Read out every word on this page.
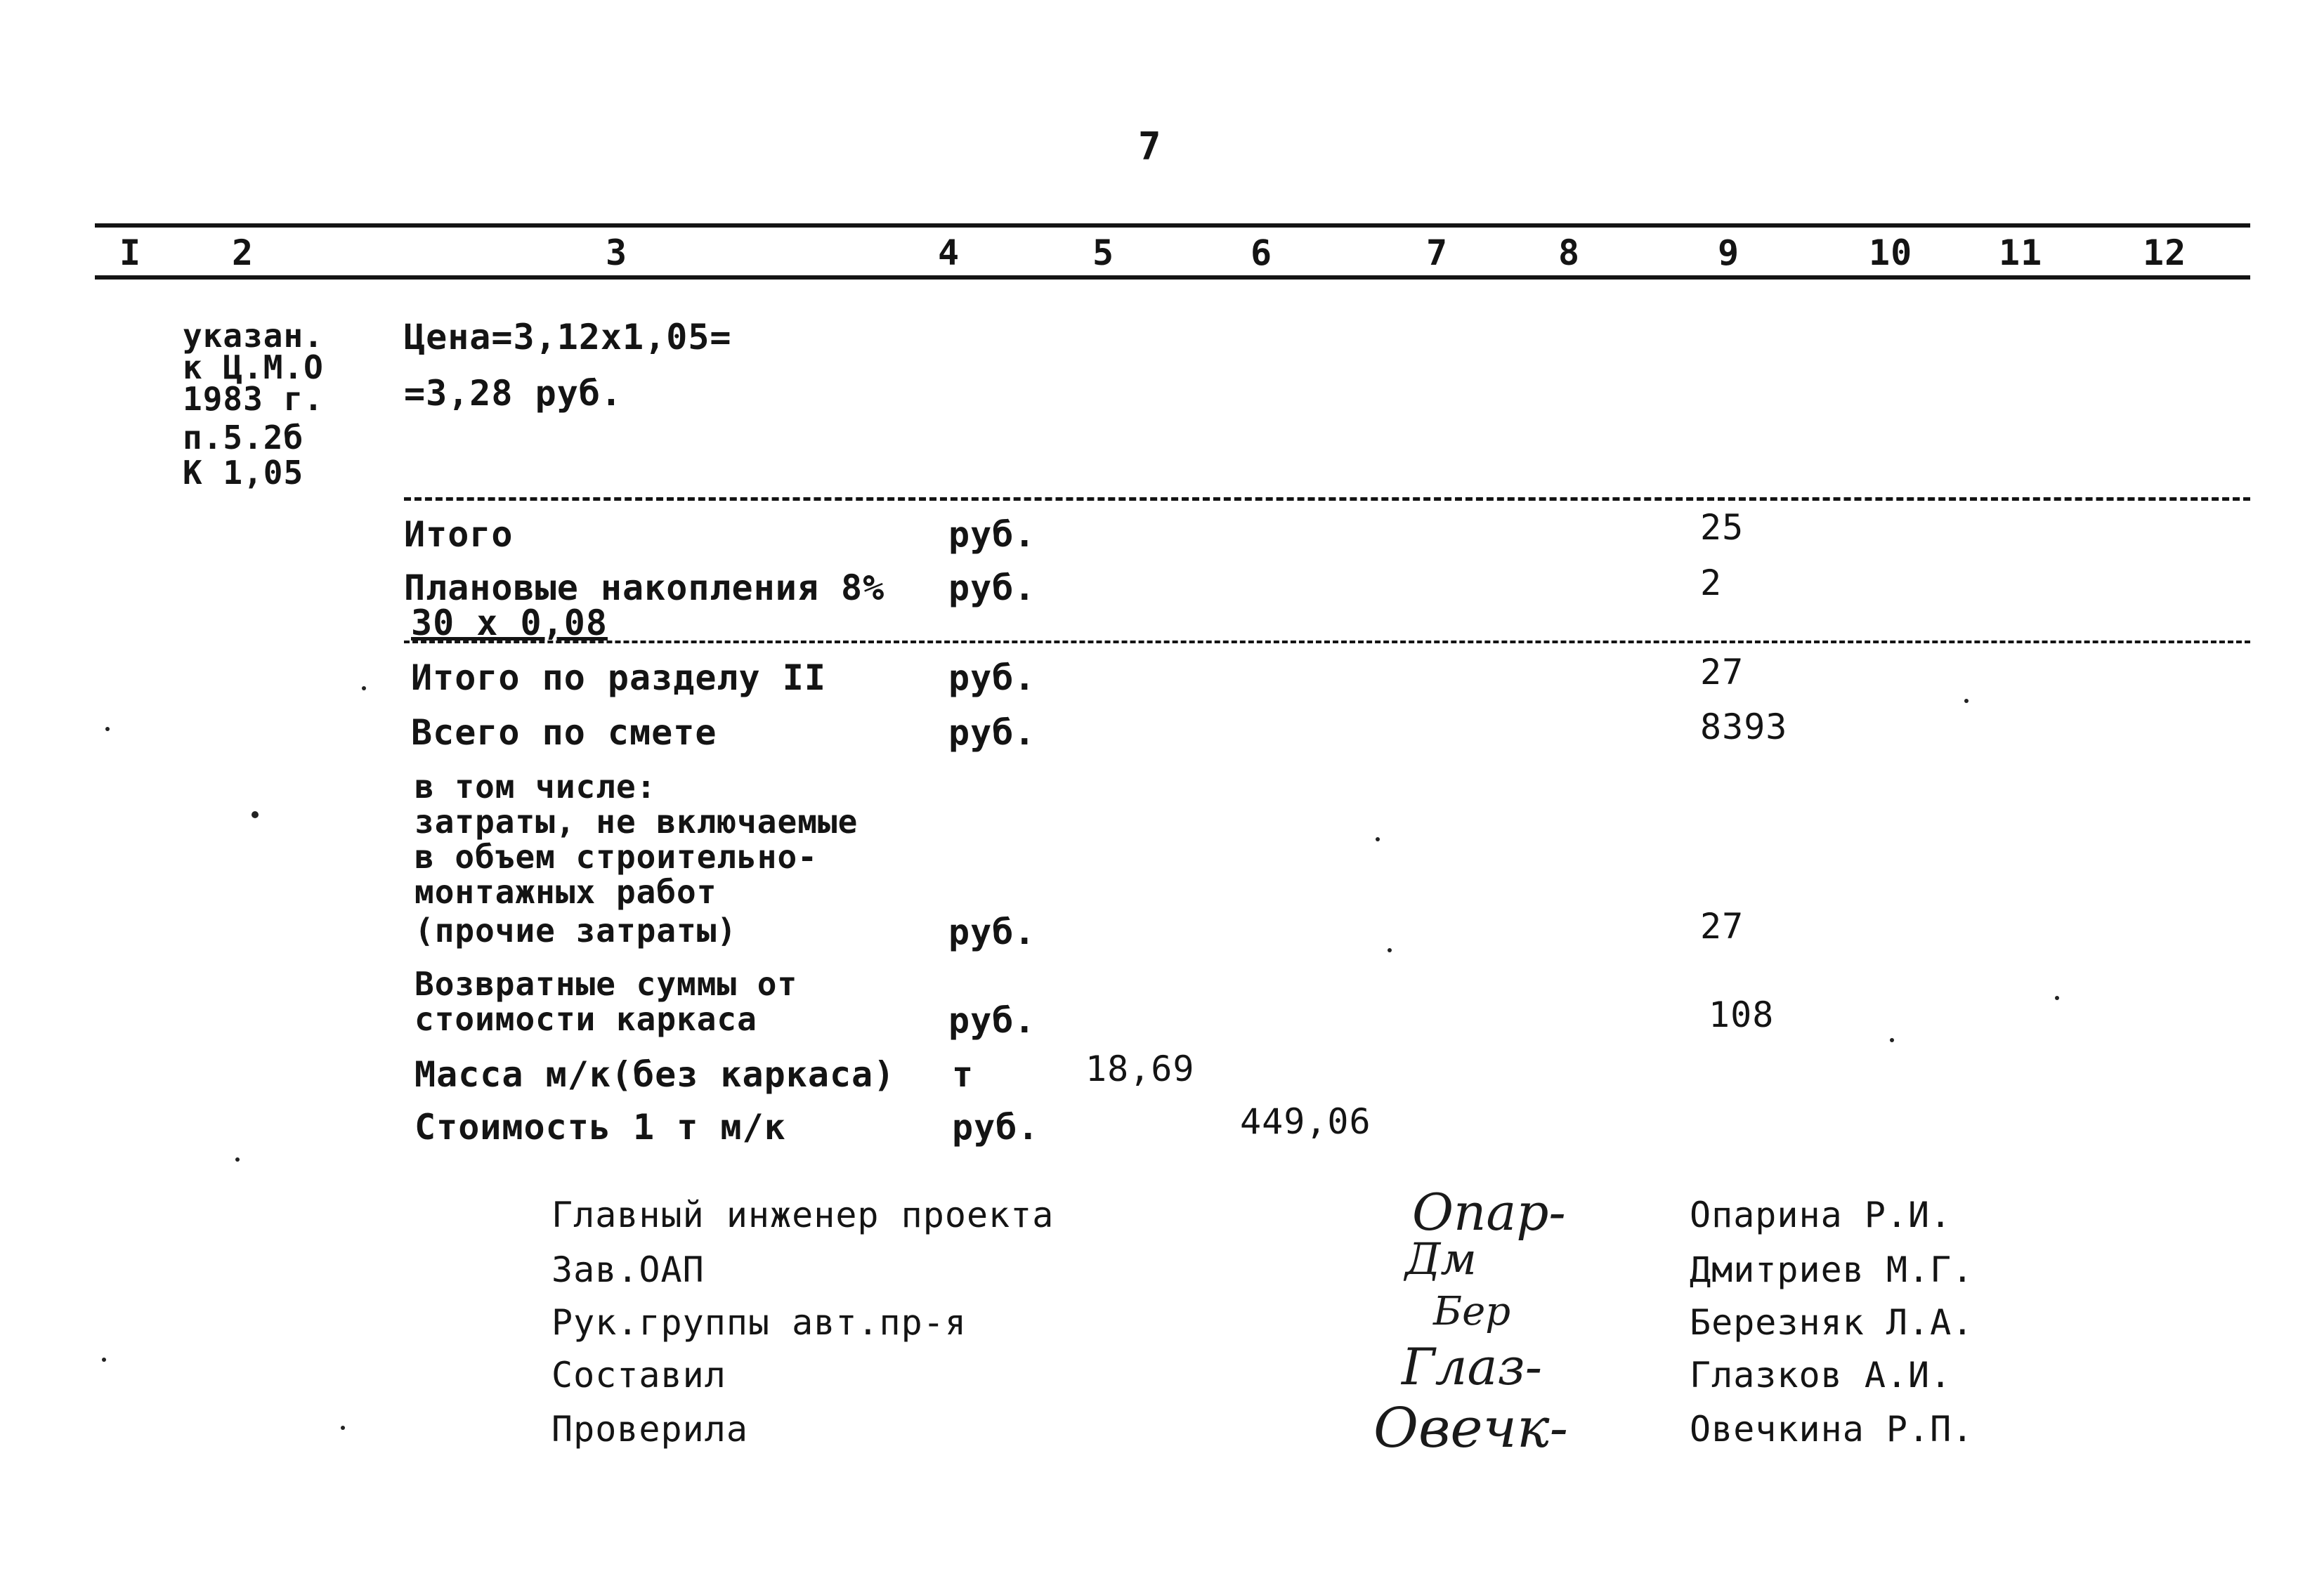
7
I	2	3	4	5	6	7	8	9	10 11	12
указан.
к Ц.М.О
1983 г.
п.5.2б
К 1,05
Цена=3,12x1,05=
=3,28 руб.
Итого	руб.	25
Плановые накопления 8%
30 х 0,08
руб.	2
Итого по разделу II	руб.	27
Всего по смете	руб.	8393
в том числе:
затраты, не включаемые
в объем строительно-
монтажных работ
(прочие затраты)	руб.	27
Возвратные суммы от
стоимости каркаса	руб.	108
Масса м/к(без каркаса) т	18,69
Стоимость 1 т м/к	руб.	449,06
Главный инженер проекта	Опар-	Опарина Р.И.
Зав.ОАП	Дм	Дмитриев М.Г.
Рук.группы авт.пр-я	Бер	Березняк Л.А.
Составил	Глаз-	Глазков А.И.
Проверила	Овечк-	Овечкина Р.П.
